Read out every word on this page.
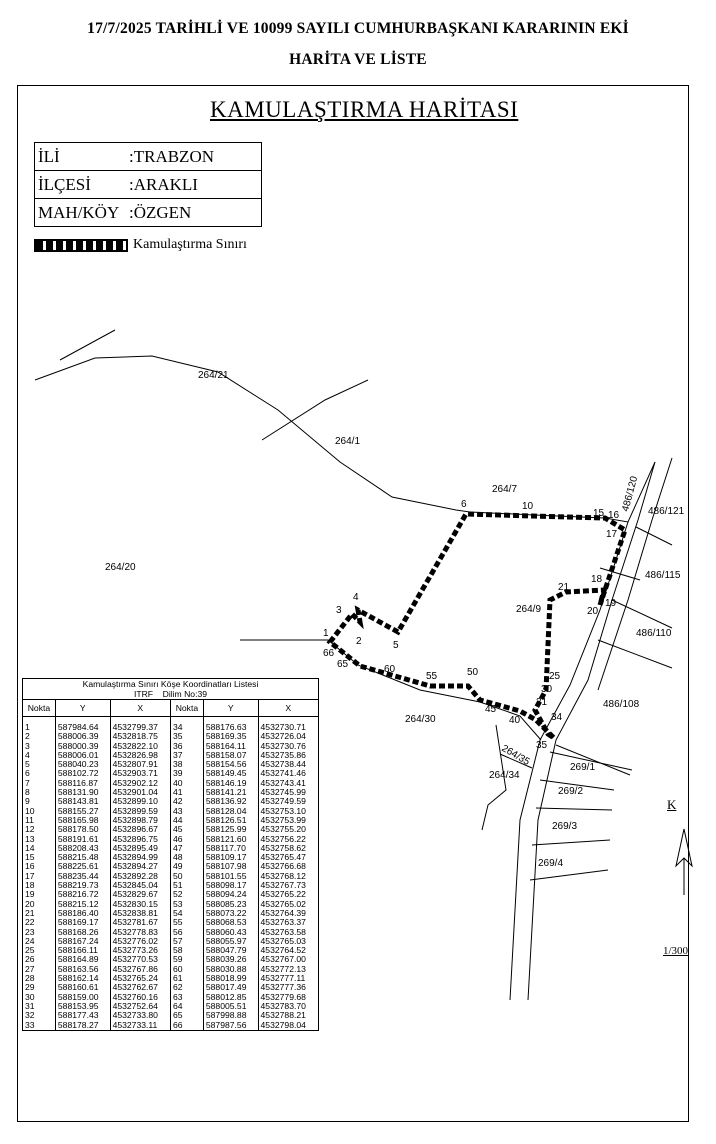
17/7/2025 TARİHLİ VE 10099 SAYILI CUMHURBAŞKANI KARARININ EKİ
HARİTA VE LİSTE
KAMULAŞTIRMA HARİTASI
İLİ	:TRABZON
İLÇESİ	:ARAKLI
MAH/KÖY	:ÖZGEN
Kamulaştırma Sınırı
264/21
264/1
264/7	486/120 486/121
264/20
486/115
264/9
486/110
264/30
486/108
264/35
264/34
269/1
269/2
269/3
269/4
1
2
3
4
5
6	10
15 16
17
18
19
20
21
25
30
31
34
35
40
45
50
55
60
65
66
K
1/300
Kamulaştırma Sınırı Köşe Koordinatları Listesi
ITRF Dilim No:39					

Nokta	Y	X	Nokta	Y	X
1	587984.64	4532799.37	34	588176.63	4532730.71
2	588006.39	4532818.75	35	588169.35	4532726.04
3	588000.39	4532822.10	36	588164.11	4532730.76
4	588006.01	4532826.98	37	588158.07	4532735.86
5	588040.23	4532807.91	38	588154.56	4532738.44
6	588102.72	4532903.71	39	588149.45	4532741.46
7	588116.87	4532902.12	40	588146.19	4532743.41
8	588131.90	4532901.04	41	588141.21	4532745.99
9	588143.81	4532899.10	42	588136.92	4532749.59
10	588155.27	4532899.59	43	588128.04	4532753.10
11	588165.98	4532898.79	44	588126.51	4532753.99
12	588178.50	4532896.67	45	588125.99	4532755.20
13	588191.61	4532896.75	46	588121.60	4532756.22
14	588208.43	4532895.49	47	588117.70	4532758.62
15	588215.48	4532894.99	48	588109.17	4532765.47
16	588225.61	4532894.27	49	588107.98	4532766.68
17	588235.44	4532892.28	50	588101.55	4532768.12
18	588219.73	4532845.04	51	588098.17	4532767.73
19	588216.72	4532829.67	52	588094.24	4532765.22
20	588215.12	4532830.15	53	588085.23	4532765.02
21	588186.40	4532838.81	54	588073.22	4532764.39
22	588169.17	4532781.67	55	588068.53	4532763.37
23	588168.26	4532778.83	56	588060.43	4532763.58
24	588167.24	4532776.02	57	588055.97	4532765.03
25	588166.11	4532773.26	58	588047.79	4532764.52
26	588164.89	4532770.53	59	588039.26	4532767.00
27	588163.56	4532767.86	60	588030.88	4532772.13
28	588162.14	4532765.24	61	588018.99	4532777.11
29	588160.61	4532762.67	62	588017.49	4532777.36
30	588159.00	4532760.16	63	588012.85	4532779.68
31	588153.95	4532752.64	64	588005.51	4532783.70
32	588177.43	4532733.80	65	587998.88	4532788.21
33	588178.27	4532733.11	66	587987.56	4532798.04
